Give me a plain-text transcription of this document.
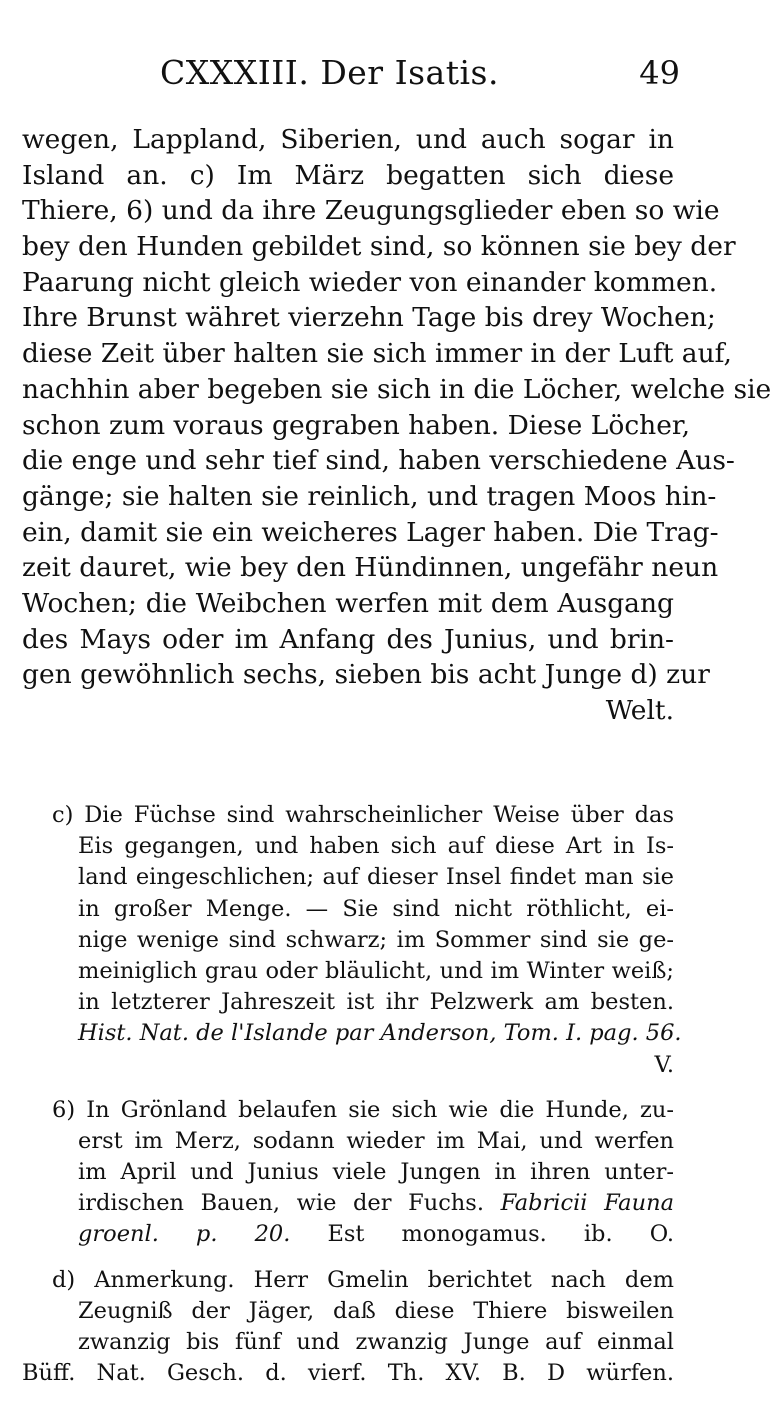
CXXXIII. Der Isatis.	49
wegen, Lappland, Siberien, und auch sogar in
Island an. c) Im März begatten sich diese
Thiere, 6) und da ihre Zeugungsglieder eben so wie
bey den Hunden gebildet sind, so können sie bey der
Paarung nicht gleich wieder von einander kommen.
Ihre Brunst währet vierzehn Tage bis drey Wochen;
diese Zeit über halten sie sich immer in der Luft auf,
nachhin aber begeben sie sich in die Löcher, welche sie
schon zum voraus gegraben haben. Diese Löcher,
die enge und sehr tief sind, haben verschiedene Aus-
gänge; sie halten sie reinlich, und tragen Moos hin-
ein, damit sie ein weicheres Lager haben. Die Trag-
zeit dauret, wie bey den Hündinnen, ungefähr neun
Wochen; die Weibchen werfen mit dem Ausgang
des Mays oder im Anfang des Junius, und brin-
gen gewöhnlich sechs, sieben bis acht Junge d) zur
Welt.
c) Die Füchse sind wahrscheinlicher Weise über das
Eis gegangen, und haben sich auf diese Art in Is-
land eingeschlichen; auf dieser Insel findet man sie
in großer Menge. — Sie sind nicht röthlicht, ei-
nige wenige sind schwarz; im Sommer sind sie ge-
meiniglich grau oder bläulicht, und im Winter weiß;
in letzterer Jahreszeit ist ihr Pelzwerk am besten.
Hist. Nat. de l'Islande par Anderson, Tom. I. pag. 56.
V.
6) In Grönland belaufen sie sich wie die Hunde, zu-
erst im Merz, sodann wieder im Mai, und werfen
im April und Junius viele Jungen in ihren unter-
irdischen Bauen, wie der Fuchs. Fabricii Fauna
groenl. p. 20. Est monogamus. ib. O.
d) Anmerkung. Herr Gmelin berichtet nach dem
Zeugniß der Jäger, daß diese Thiere bisweilen
zwanzig bis fünf und zwanzig Junge auf einmal
Büff. Nat. Gesch. d. vierf. Th. XV. B. D würfen.
